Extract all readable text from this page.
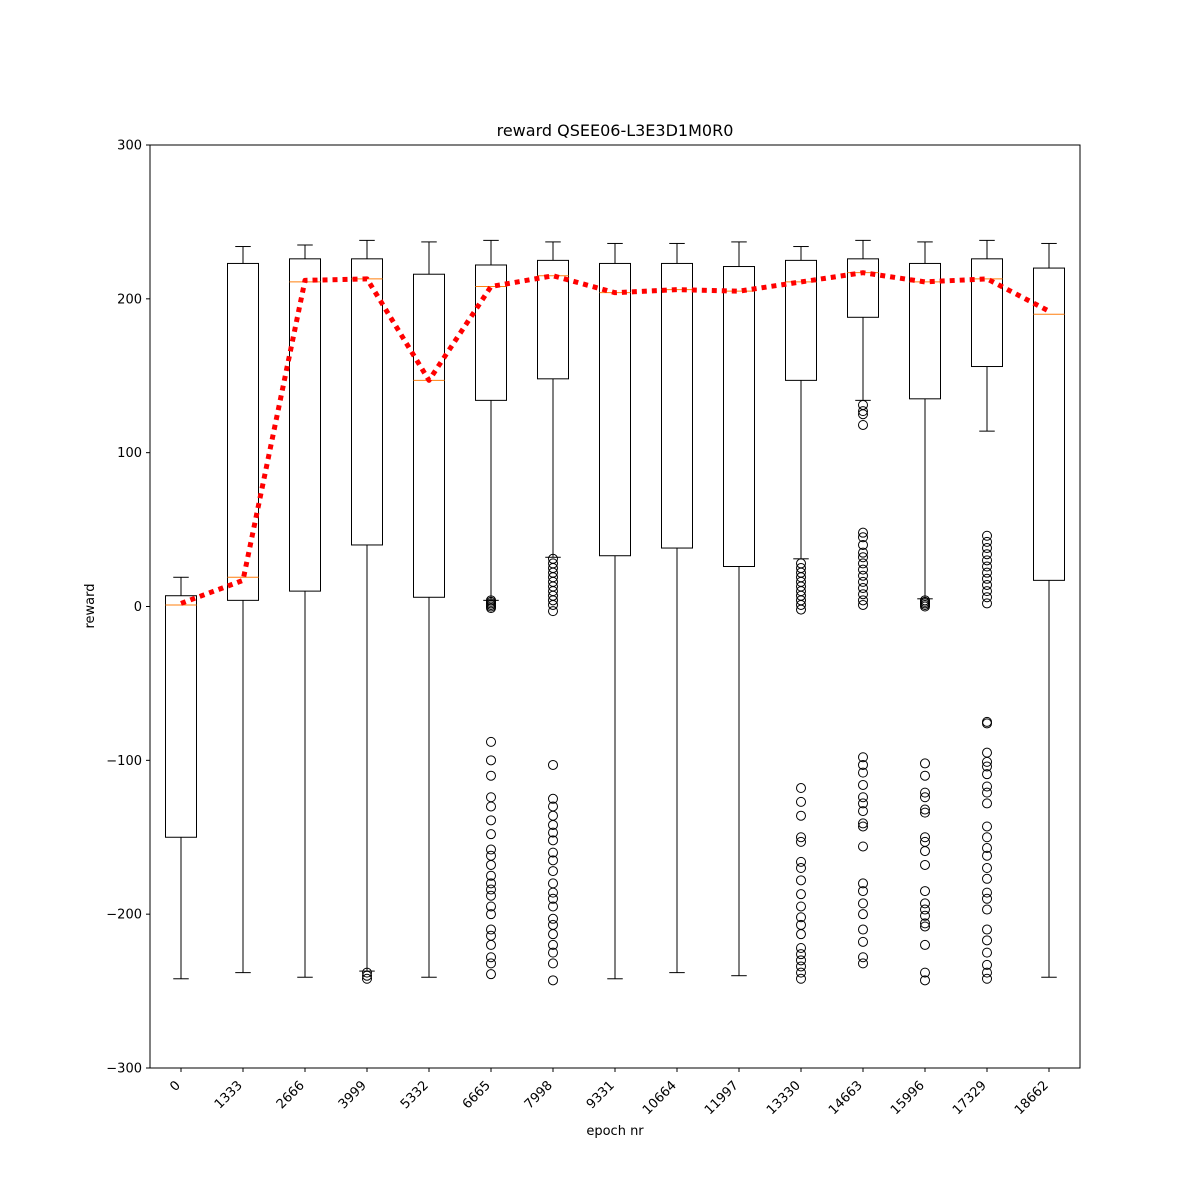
reward QSEE06-L3E3D1M0R0
epoch nr
reward
−300
−200
−100
0
100
200
300
0 1333 2666 3999 5332 6665 7998 9331 10664 11997 13330 14663 15996 17329 18662
